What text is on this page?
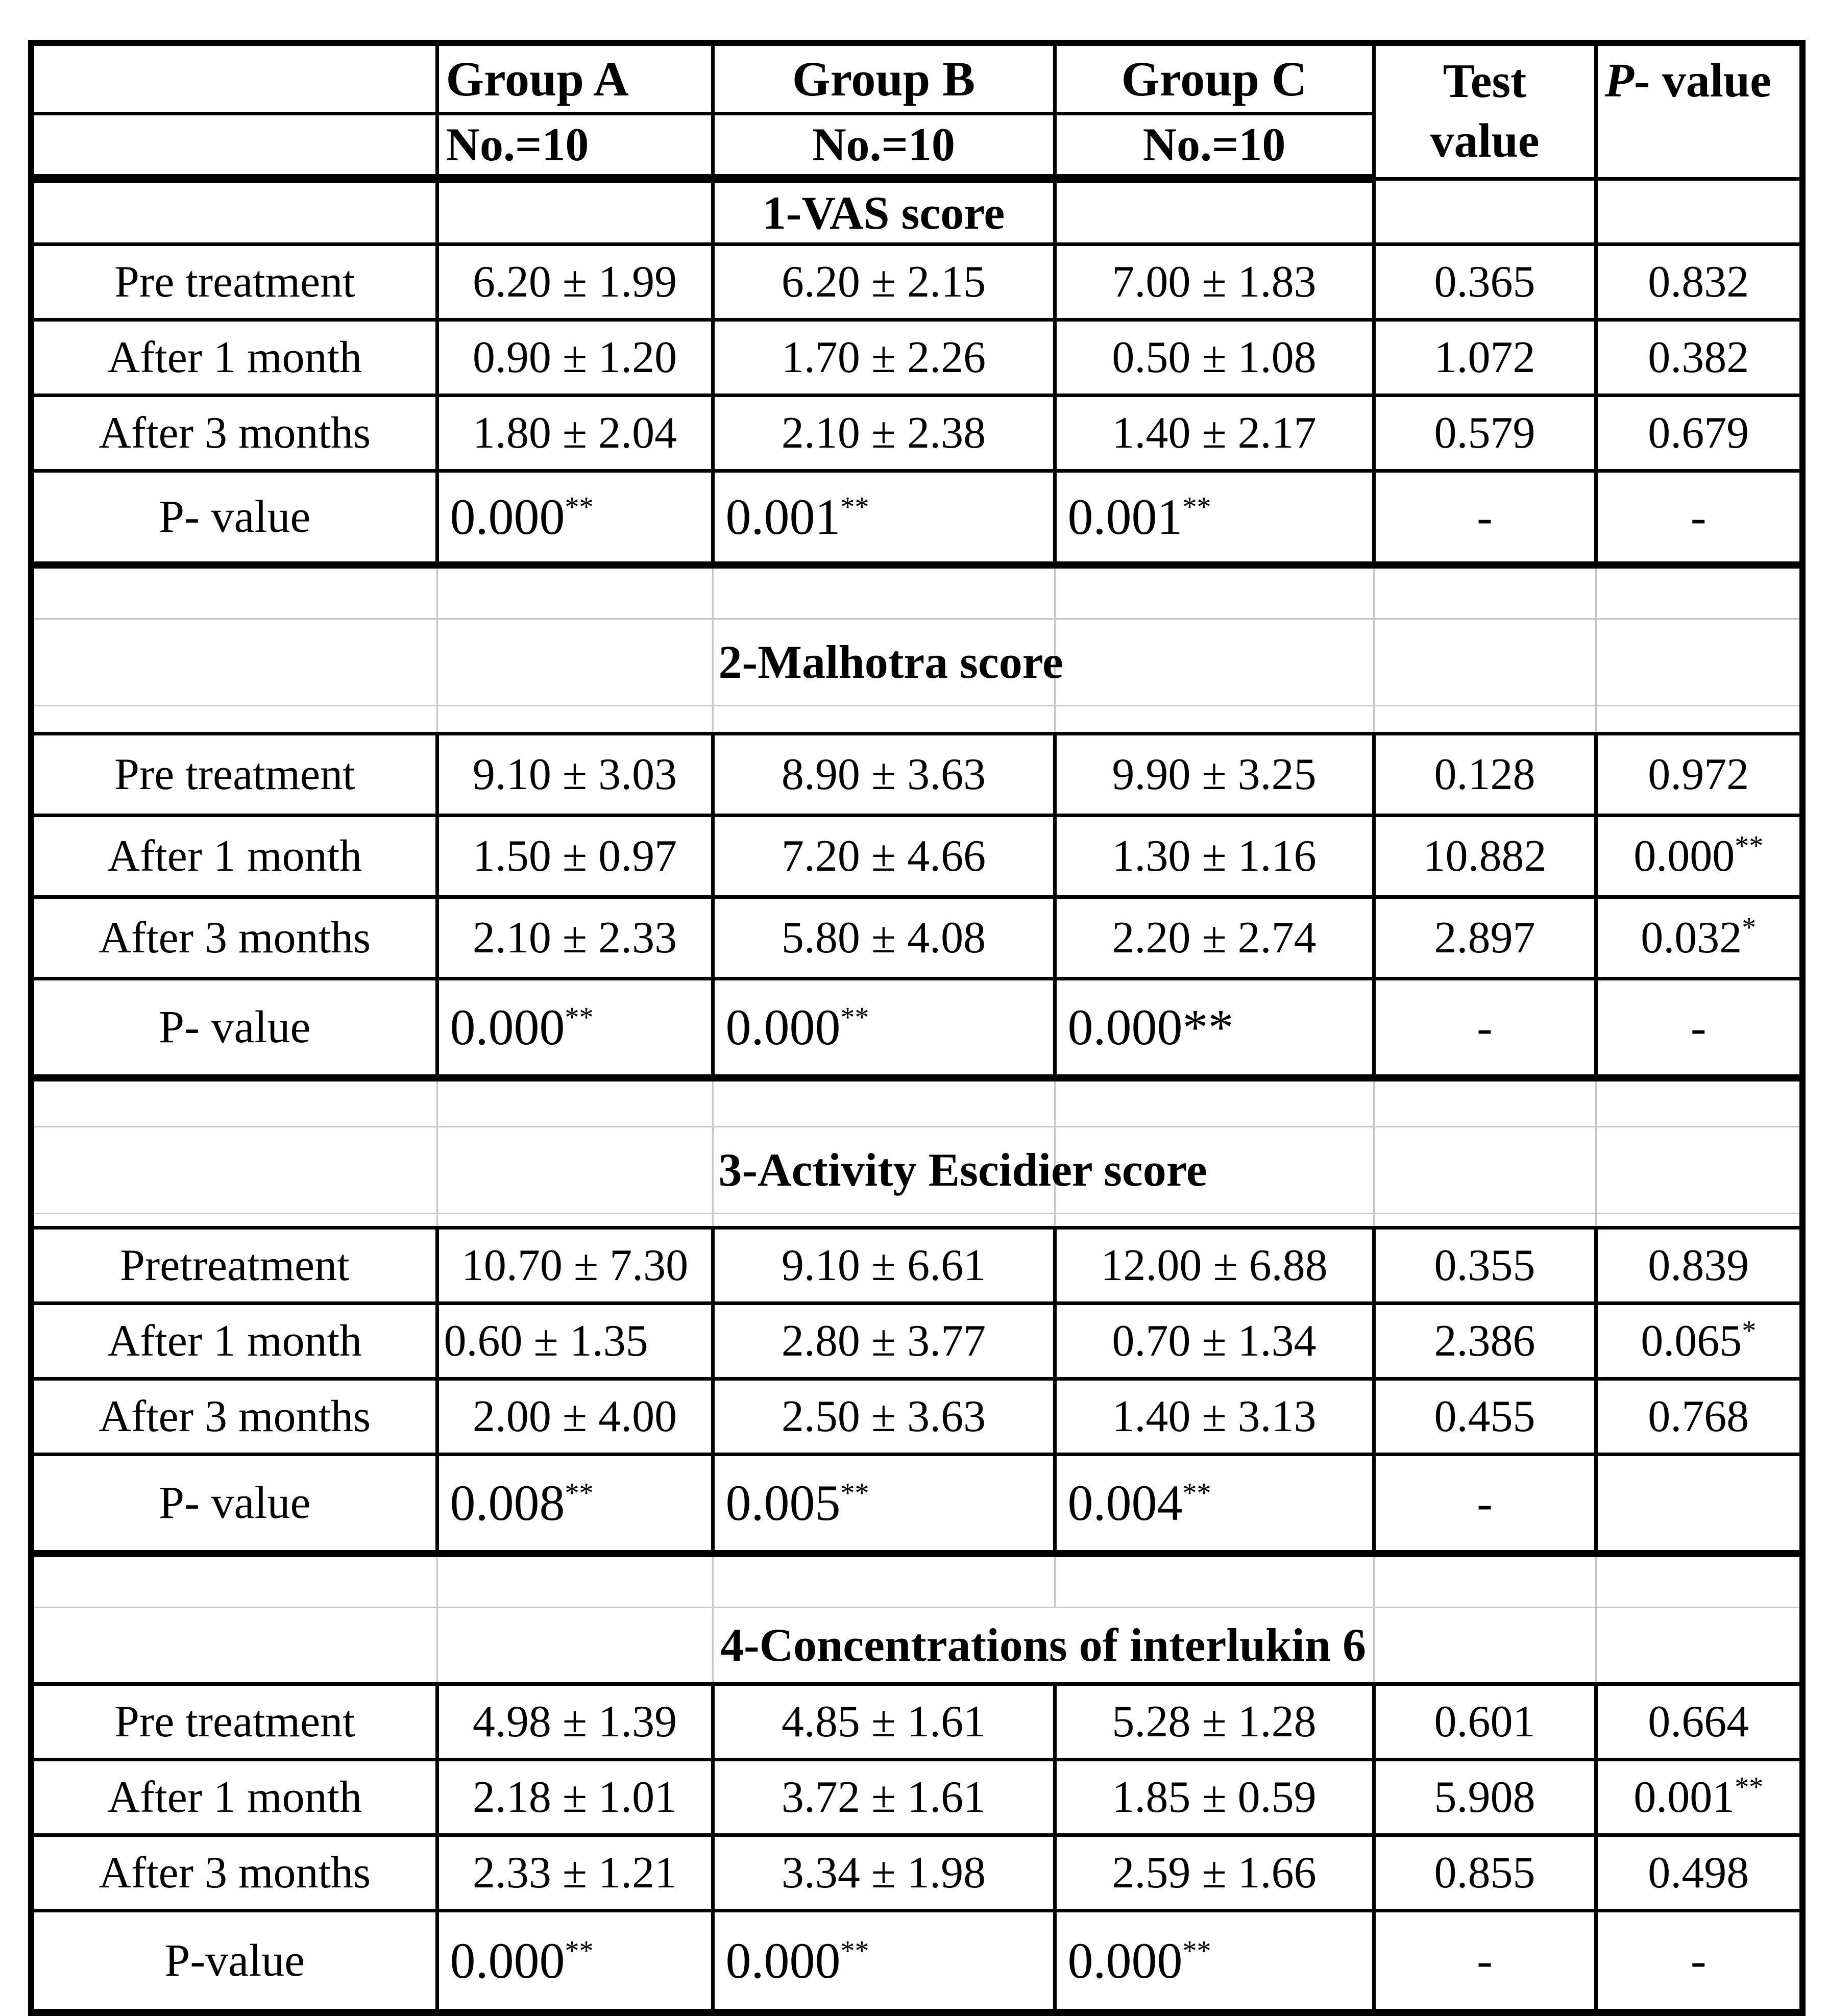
	Group A	Group B	Group C	Test
value	P- value
	No.=10	No.=10	No.=10		
		1-VAS score			
Pre treatment	6.20 ± 1.99	6.20 ± 2.15	7.00 ± 1.83	0.365	0.832
After 1 month	0.90 ± 1.20	1.70 ± 2.26	0.50 ± 1.08	1.072	0.382
After 3 months	1.80 ± 2.04	2.10 ± 2.38	1.40 ± 2.17	0.579	0.679
P- value	0.000**	0.001**	0.001**	-	-

		2-Malhotra score			

Pre treatment	9.10 ± 3.03	8.90 ± 3.63	9.90 ± 3.25	0.128	0.972
After 1 month	1.50 ± 0.97	7.20 ± 4.66	1.30 ± 1.16	10.882	0.000**
After 3 months	2.10 ± 2.33	5.80 ± 4.08	2.20 ± 2.74	2.897	0.032*
P- value	0.000**	0.000**	0.000**	-	-

		3-Activity Escidier score			

Pretreatment	10.70 ± 7.30	9.10 ± 6.61	12.00 ± 6.88	0.355	0.839
After 1 month	0.60 ± 1.35	2.80 ± 3.77	0.70 ± 1.34	2.386	0.065*
After 3 months	2.00 ± 4.00	2.50 ± 3.63	1.40 ± 3.13	0.455	0.768
P- value	0.008**	0.005**	0.004**	-	

		4-Concentrations of interlukin 6			
Pre treatment	4.98 ± 1.39	4.85 ± 1.61	5.28 ± 1.28	0.601	0.664
After 1 month	2.18 ± 1.01	3.72 ± 1.61	1.85 ± 0.59	5.908	0.001**
After 3 months	2.33 ± 1.21	3.34 ± 1.98	2.59 ± 1.66	0.855	0.498
P-value	0.000**	0.000**	0.000**	-	-
